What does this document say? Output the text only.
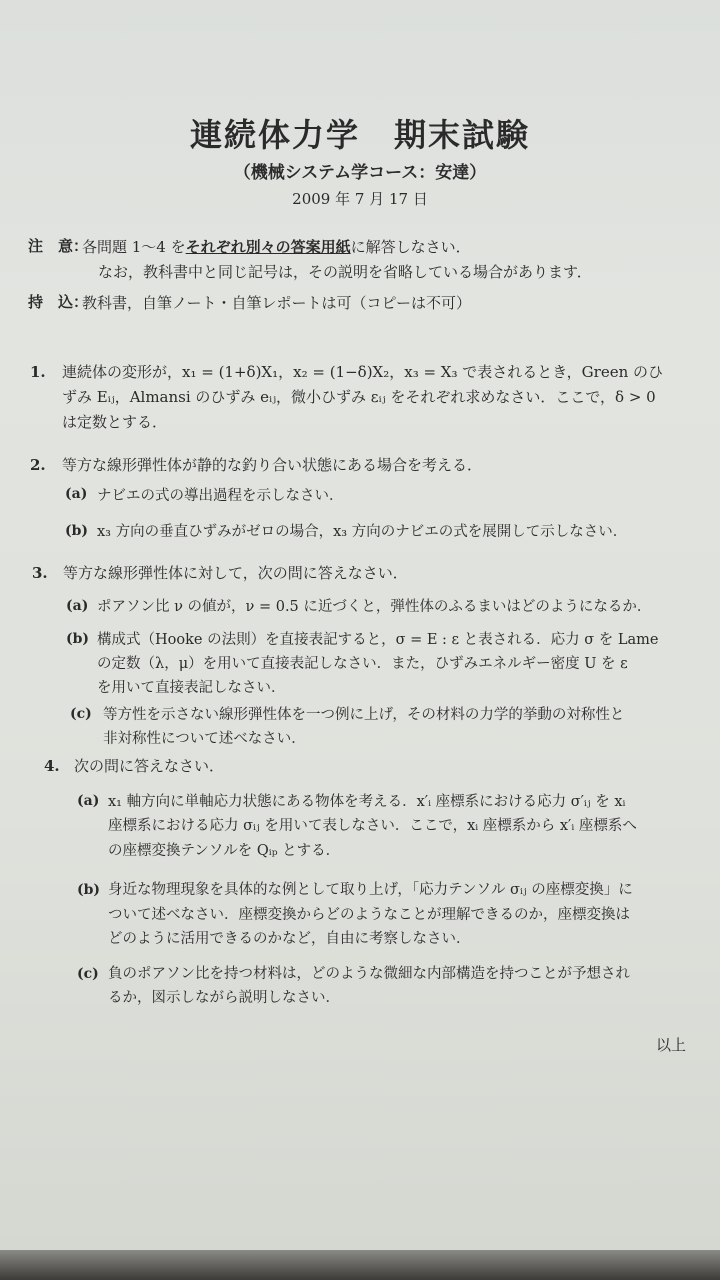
連続体力学　期末試験
（機械システム学コース：安達）
2009 年 7 月 17 日
注　意：
各問題 1〜4 をそれぞれ別々の答案用紙に解答しなさい．
なお，教科書中と同じ記号は，その説明を省略している場合があります．
持　込：
教科書，自筆ノート・自筆レポートは可（コピーは不可）
1. 連続体の変形が，x₁ = (1+δ)X₁，x₂ = (1−δ)X₂，x₃ = X₃ で表されるとき，Green のひ
ずみ Eᵢⱼ，Almansi のひずみ eᵢⱼ，微小ひずみ εᵢⱼ をそれぞれ求めなさい．ここで，δ > 0
は定数とする．
2. 等方な線形弾性体が静的な釣り合い状態にある場合を考える．
(a) ナビエの式の導出過程を示しなさい．
(b) x₃ 方向の垂直ひずみがゼロの場合，x₃ 方向のナビエの式を展開して示しなさい．
3. 等方な線形弾性体に対して，次の問に答えなさい．
(a) ポアソン比 ν の値が，ν = 0.5 に近づくと，弾性体のふるまいはどのようになるか．
(b) 構成式（Hooke の法則）を直接表記すると，σ = E : ε と表される．応力 σ を Lame
の定数（λ，μ）を用いて直接表記しなさい．また，ひずみエネルギー密度 U を ε
を用いて直接表記しなさい．
(c) 等方性を示さない線形弾性体を一つ例に上げ，その材料の力学的挙動の対称性と
非対称性について述べなさい．
4. 次の問に答えなさい．
(a) x₁ 軸方向に単軸応力状態にある物体を考える．x′ᵢ 座標系における応力 σ′ᵢⱼ を xᵢ
座標系における応力 σᵢⱼ を用いて表しなさい．ここで，xᵢ 座標系から x′ᵢ 座標系へ
の座標変換テンソルを Qᵢₚ とする．
(b) 身近な物理現象を具体的な例として取り上げ，「応力テンソル σᵢⱼ の座標変換」に
ついて述べなさい．座標変換からどのようなことが理解できるのか，座標変換は
どのように活用できるのかなど，自由に考察しなさい．
(c) 負のポアソン比を持つ材料は，どのような微細な内部構造を持つことが予想され
るか，図示しながら説明しなさい．
以上
